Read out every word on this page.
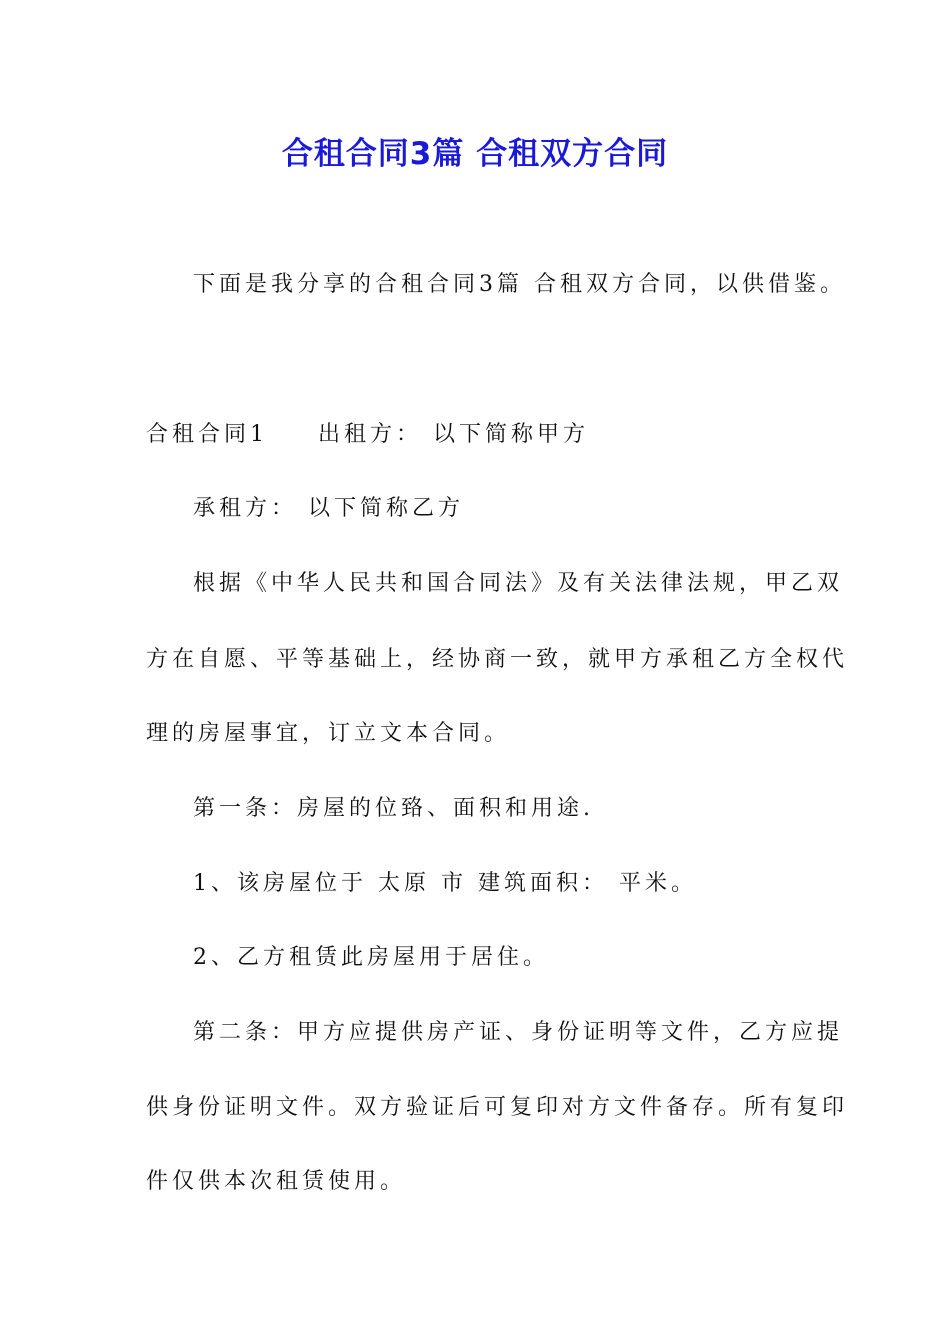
合租合同3篇 合租双方合同
下面是我分享的合租合同3篇 合租双方合同，以供借鉴。
合租合同1 出租方： 以下简称甲方
承租方： 以下简称乙方
根据《中华人民共和国合同法》及有关法律法规，甲乙双
方在自愿、平等基础上，经协商一致，就甲方承租乙方全权代
理的房屋事宜，订立文本合同。
第一条：房屋的位臵、面积和用途.
1、该房屋位于 太原 市 建筑面积： 平米。
2、乙方租赁此房屋用于居住。
第二条：甲方应提供房产证、身份证明等文件，乙方应提
供身份证明文件。双方验证后可复印对方文件备存。所有复印
件仅供本次租赁使用。
